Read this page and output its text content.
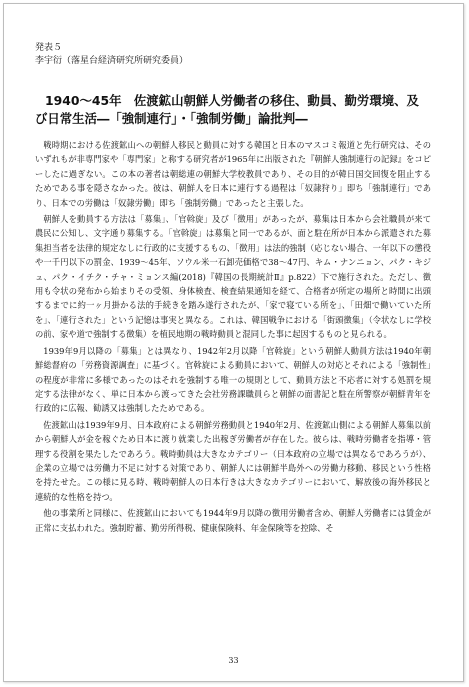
発表５
李宇衍（落星台経済研究所研究委員）
1940〜45年　佐渡鉱山朝鮮人労働者の移住、動員、勤労環境、及び日常生活―「強制連行」・「強制労働」論批判―

戦時期における佐渡鉱山への朝鮮人移民と動員に対する韓国と日本のマスコミ報道と先行研究は、そのいずれもが非専門家や「専門家」と称する研究者が1965年に出版された『朝鮮人強制連行の記録』をコピーしたに過ぎない。この本の著者は朝総連の朝鮮大学校教員であり、その目的が韓日国交回復を阻止するためである事を隠さなかった。彼は、朝鮮人を日本に連行する過程は「奴隷狩り」即ち「強制連行」であり、日本での労働は「奴隷労働」即ち「強制労働」であったと主張した。

朝鮮人を動員する方法は「募集」、「官斡旋」及び「徴用」があったが、募集は日本から会社職員が来て農民に公知し、文字通り募集する。「官斡旋」は募集と同一であるが、面と駐在所が日本から派遣された募集担当者を法律的規定なしに行政的に支援するもの、「徴用」は法的強制（応じない場合、一年以下の懲役や一千円以下の罰金、1939〜45年、ソウル米一石卸売価格で38〜47円、キム・ナンニョン、パク・キジュ、パク・イチク・チャ・ミョンス編(2018)『韓国の長期統計Ⅱ』p.822）下で施行された。ただし、徴用も令状の発布から始まりその受領、身体検査、検査結果通知を経て、合格者が所定の場所と時間に出頭するまでに約一ヶ月掛かる法的手続きを踏み遂行されたが、「家で寝ている所を」、「田畑で働いていた所を」、「連行された」という記憶は事実と異なる。これは、韓国戦争における「街頭徴集」（令状なしに学校の前、家や道で強制する徴集）を植民地期の戦時動員と混同した事に起因するものと見られる。

1939年9月以降の「募集」とは異なり、1942年2月以降「官斡旋」という朝鮮人動員方法は1940年朝鮮総督府の「労務資源調査」に基づく。官斡旋による動員において、朝鮮人の対応とそれによる「強制性」の程度が非常に多様であったのはそれを強制する唯一の規則として、動員方法と不応者に対する処罰を規定する法律がなく、単に日本から渡ってきた会社労務課職員らと朝鮮の面書記と駐在所警察が朝鮮青年を行政的に広報、勧誘又は強制したためである。

佐渡鉱山は1939年9月、日本政府による朝鮮労務動員と1940年2月、佐渡鉱山側による朝鮮人募集以前から朝鮮人が金を稼ぐため日本に渡り就業した出稼ぎ労働者が存在した。彼らは、戦時労働者を指導・管理する役割を果たしたであろう。戦時動員は大きなカテゴリー（日本政府の立場では異なるであろうが）、企業の立場では労働力不足に対する対策であり、朝鮮人には朝鮮半島外への労働力移動、移民という性格を持たせた。この様に見る時、戦時朝鮮人の日本行きは大きなカテゴリーにおいて、解放後の海外移民と連続的な性格を持つ。

他の事業所と同様に、佐渡鉱山においても1944年9月以降の徴用労働者含め、朝鮮人労働者には賃金が正常に支払われた。強制貯蓄、勤労所得税、健康保険料、年金保険等を控除、そ

33
